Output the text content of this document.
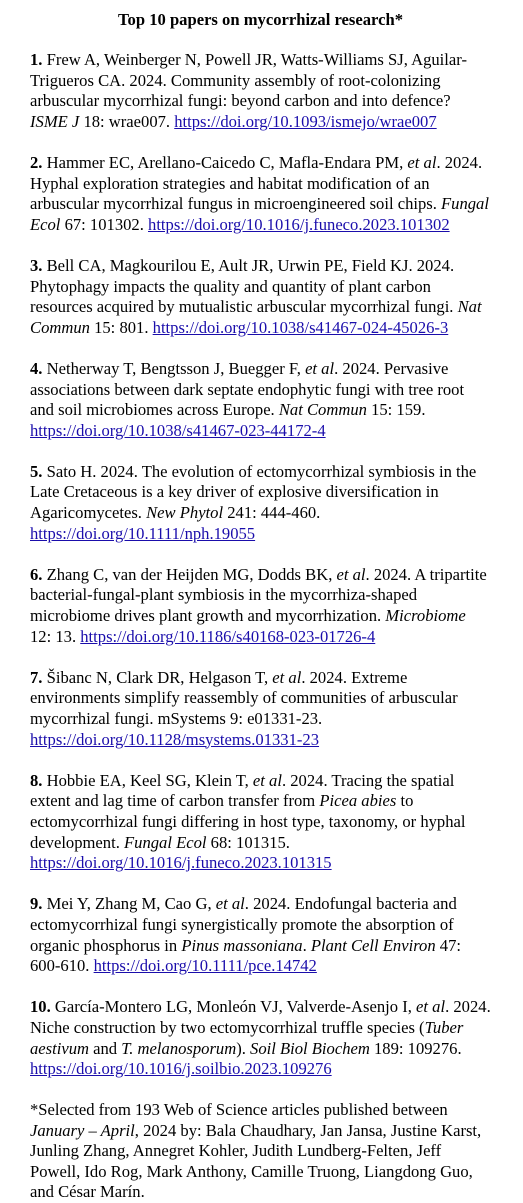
Top 10 papers on mycorrhizal research*

1. Frew A, Weinberger N, Powell JR, Watts-Williams SJ, Aguilar-Trigueros CA. 2024. Community assembly of root-colonizing arbuscular mycorrhizal fungi: beyond carbon and into defence? ISME J 18: wrae007. https://doi.org/10.1093/ismejo/wrae007

2. Hammer EC, Arellano-Caicedo C, Mafla-Endara PM, et al. 2024. Hyphal exploration strategies and habitat modification of an arbuscular mycorrhizal fungus in microengineered soil chips. Fungal Ecol 67: 101302. https://doi.org/10.1016/j.funeco.2023.101302

3. Bell CA, Magkourilou E, Ault JR, Urwin PE, Field KJ. 2024. Phytophagy impacts the quality and quantity of plant carbon resources acquired by mutualistic arbuscular mycorrhizal fungi. Nat Commun 15: 801. https://doi.org/10.1038/s41467-024-45026-3

4. Netherway T, Bengtsson J, Buegger F, et al. 2024. Pervasive associations between dark septate endophytic fungi with tree root and soil microbiomes across Europe. Nat Commun 15: 159. https://doi.org/10.1038/s41467-023-44172-4

5. Sato H. 2024. The evolution of ectomycorrhizal symbiosis in the Late Cretaceous is a key driver of explosive diversification in Agaricomycetes. New Phytol 241: 444-460. https://doi.org/10.1111/nph.19055

6. Zhang C, van der Heijden MG, Dodds BK, et al. 2024. A tripartite bacterial-fungal-plant symbiosis in the mycorrhiza-shaped microbiome drives plant growth and mycorrhization. Microbiome 12: 13. https://doi.org/10.1186/s40168-023-01726-4

7. Šibanc N, Clark DR, Helgason T, et al. 2024. Extreme environments simplify reassembly of communities of arbuscular mycorrhizal fungi. mSystems 9: e01331-23. https://doi.org/10.1128/msystems.01331-23

8. Hobbie EA, Keel SG, Klein T, et al. 2024. Tracing the spatial extent and lag time of carbon transfer from Picea abies to ectomycorrhizal fungi differing in host type, taxonomy, or hyphal development. Fungal Ecol 68: 101315. https://doi.org/10.1016/j.funeco.2023.101315

9. Mei Y, Zhang M, Cao G, et al. 2024. Endofungal bacteria and ectomycorrhizal fungi synergistically promote the absorption of organic phosphorus in Pinus massoniana. Plant Cell Environ 47: 600-610. https://doi.org/10.1111/pce.14742

10. García-Montero LG, Monleón VJ, Valverde-Asenjo I, et al. 2024. Niche construction by two ectomycorrhizal truffle species (Tuber aestivum and T. melanosporum). Soil Biol Biochem 189: 109276. https://doi.org/10.1016/j.soilbio.2023.109276

*Selected from 193 Web of Science articles published between January – April, 2024 by: Bala Chaudhary, Jan Jansa, Justine Karst, Junling Zhang, Annegret Kohler, Judith Lundberg-Felten, Jeff Powell, Ido Rog, Mark Anthony, Camille Truong, Liangdong Guo, and César Marín.
